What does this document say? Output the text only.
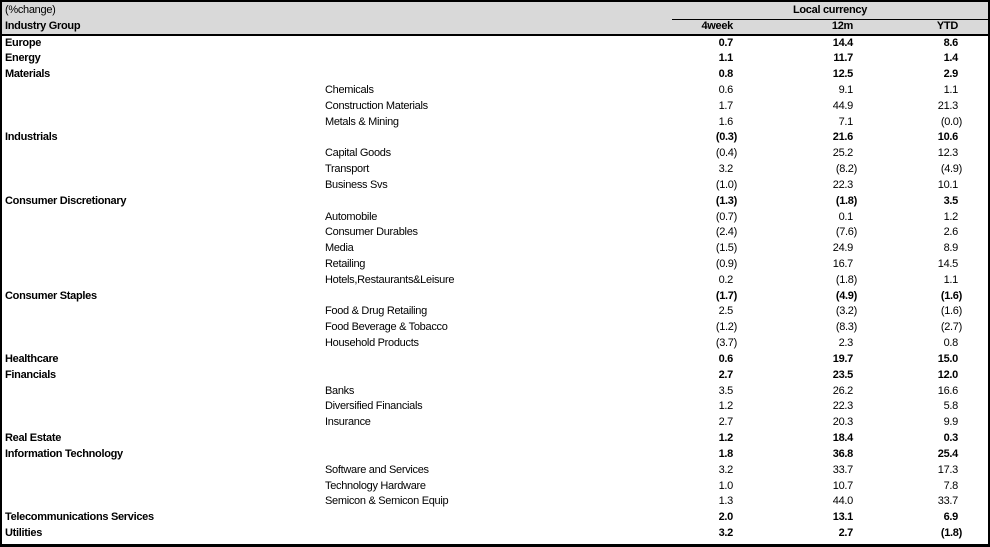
(%change)	Local currency		
Industry Group	4week	12m	YTD
Europe	0.7	14.4	8.6
Energy	1.1	11.7	1.4
Materials	0.8	12.5	2.9
Chemicals	0.6	9.1	1.1
Construction Materials	1.7	44.9	21.3
Metals & Mining	1.6	7.1	(0.0)
Industrials	(0.3)	21.6	10.6
Capital Goods	(0.4)	25.2	12.3
Transport	3.2	(8.2)	(4.9)
Business Svs	(1.0)	22.3	10.1
Consumer Discretionary	(1.3)	(1.8)	3.5
Automobile	(0.7)	0.1	1.2
Consumer Durables	(2.4)	(7.6)	2.6
Media	(1.5)	24.9	8.9
Retailing	(0.9)	16.7	14.5
Hotels,Restaurants&Leisure	0.2	(1.8)	1.1
Consumer Staples	(1.7)	(4.9)	(1.6)
Food & Drug Retailing	2.5	(3.2)	(1.6)
Food Beverage & Tobacco	(1.2)	(8.3)	(2.7)
Household Products	(3.7)	2.3	0.8
Healthcare	0.6	19.7	15.0
Financials	2.7	23.5	12.0
Banks	3.5	26.2	16.6
Diversified Financials	1.2	22.3	5.8
Insurance	2.7	20.3	9.9
Real Estate	1.2	18.4	0.3
Information Technology	1.8	36.8	25.4
Software and Services	3.2	33.7	17.3
Technology Hardware	1.0	10.7	7.8
Semicon & Semicon Equip	1.3	44.0	33.7
Telecommunications Services	2.0	13.1	6.9
Utilities	3.2	2.7	(1.8)
